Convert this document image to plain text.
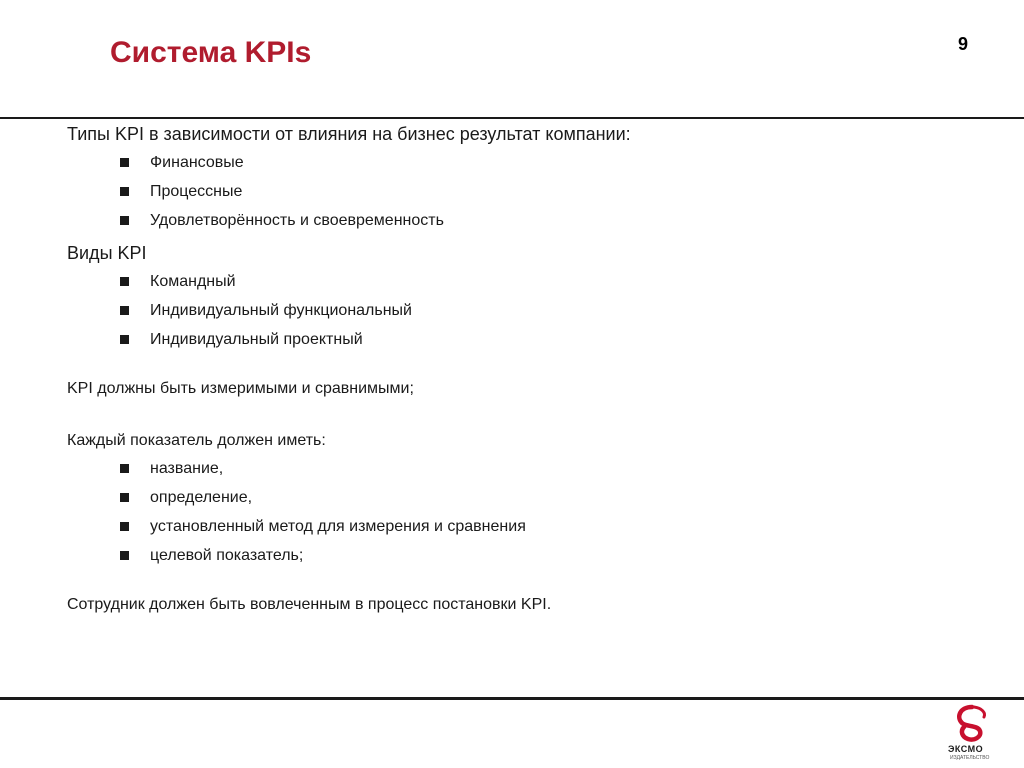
Система KPIs	9

Типы KPI в зависимости от влияния на бизнес результат компании:

Финансовые
Процессные
Удовлетворённость и своевременность

Виды KPI

Командный
Индивидуальный функциональный
Индивидуальный проектный

KPI должны быть измеримыми и сравнимыми;

Каждый показатель должен иметь:

название,
определение,
установленный метод для измерения и сравнения
целевой показатель;

Сотрудник должен быть вовлеченным в процесс постановки KPI.

ЭКСМО
ИЗДАТЕЛЬСТВО
